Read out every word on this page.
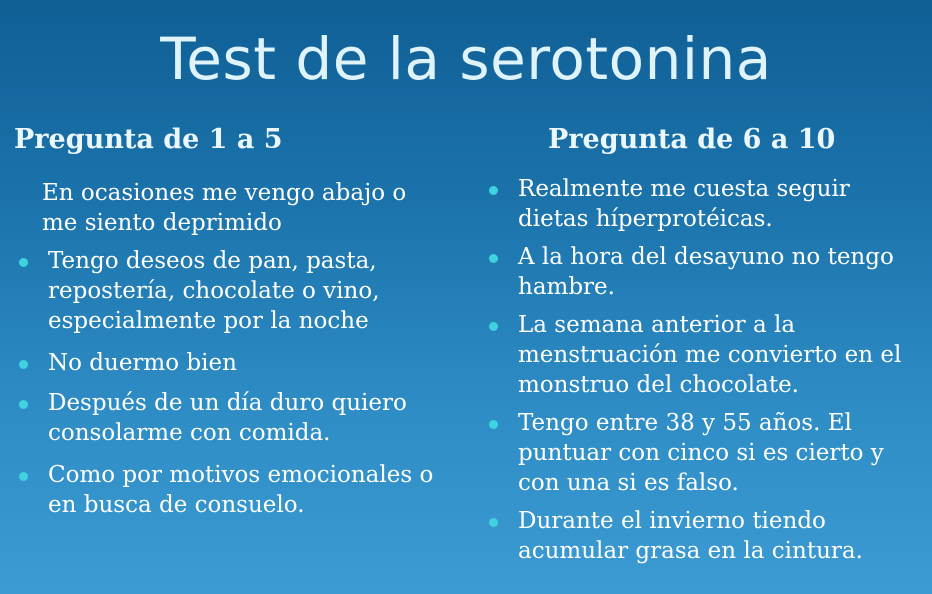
Test de la serotonina
Pregunta de 1 a 5
En ocasiones me vengo abajo o me siento deprimido
Tengo deseos de pan, pasta, repostería, chocolate o vino, especialmente por la noche
No duermo bien
Después de un día duro quiero consolarme con comida.
Como por motivos emocionales o en busca de consuelo.
Pregunta de 6 a 10
Realmente me cuesta seguir dietas híperprotéicas.
A la hora del desayuno no tengo hambre.
La semana anterior a la menstruación me convierto en el monstruo del chocolate.
Tengo entre 38 y 55 años. El puntuar con cinco si es cierto y con una si es falso.
Durante el invierno tiendo acumular grasa en la cintura.
